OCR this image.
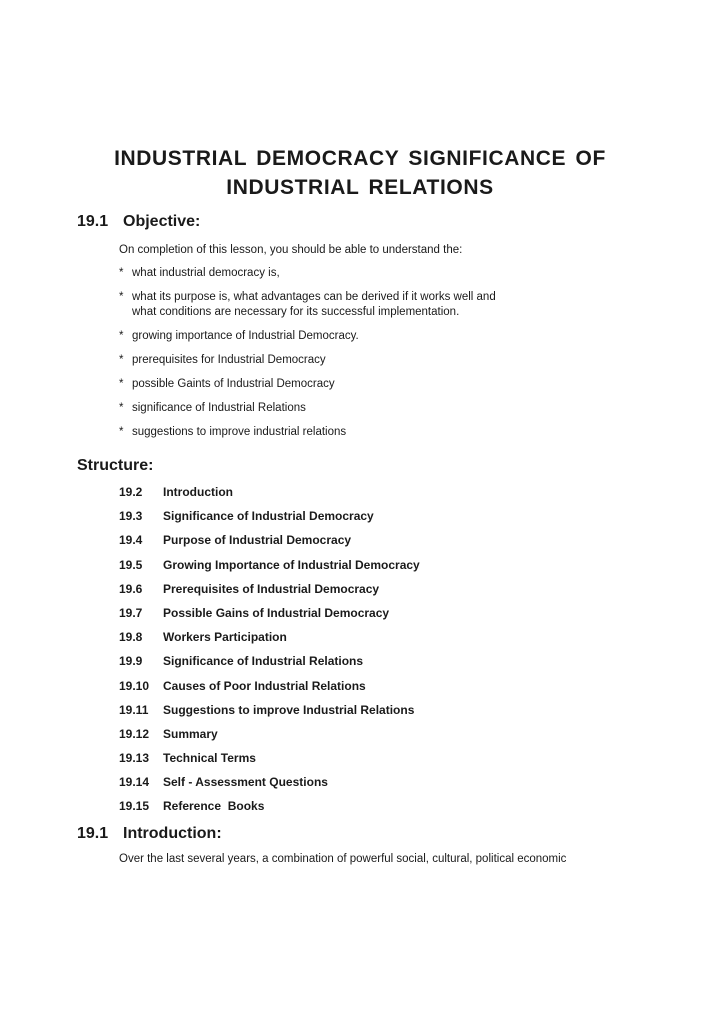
INDUSTRIAL DEMOCRACY SIGNIFICANCE OF
INDUSTRIAL RELATIONS
19.1 Objective:
On completion of this lesson, you should be able to understand the:
* what industrial democracy is,
* what its purpose is, what advantages can be derived if it works well and
what conditions are necessary for its successful implementation.
* growing importance of Industrial Democracy.
* prerequisites for Industrial Democracy
* possible Gaints of Industrial Democracy
* significance of Industrial Relations
* suggestions to improve industrial relations
Structure:
19.2 Introduction
19.3 Significance of Industrial Democracy
19.4 Purpose of Industrial Democracy
19.5 Growing Importance of Industrial Democracy
19.6 Prerequisites of Industrial Democracy
19.7 Possible Gains of Industrial Democracy
19.8 Workers Participation
19.9 Significance of Industrial Relations
19.10 Causes of Poor Industrial Relations
19.11 Suggestions to improve Industrial Relations
19.12 Summary
19.13 Technical Terms
19.14 Self - Assessment Questions
19.15 Reference  Books
19.1 Introduction:
Over the last several years, a combination of powerful social, cultural, political economic
